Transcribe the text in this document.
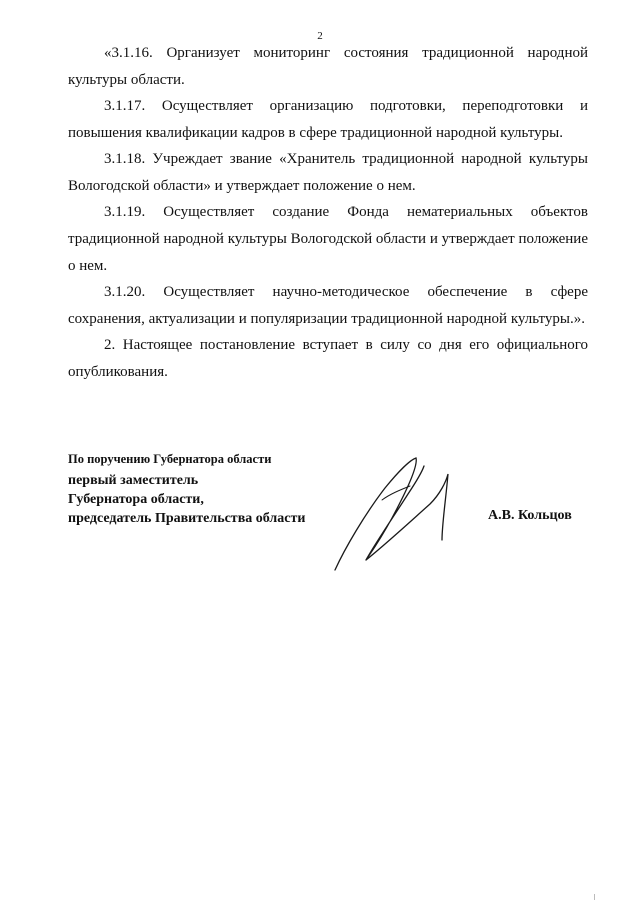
2

«3.1.16. Организует мониторинг состояния традиционной народной культуры области.

3.1.17. Осуществляет организацию подготовки, переподготовки и повышения квалификации кадров в сфере традиционной народной культуры.

3.1.18. Учреждает звание «Хранитель традиционной народной культуры Вологодской области» и утверждает положение о нем.

3.1.19. Осуществляет создание Фонда нематериальных объектов традиционной народной культуры Вологодской области и утверждает положение о нем.

3.1.20. Осуществляет научно-методическое обеспечение в сфере сохранения, актуализации и популяризации традиционной народной культуры.».

2. Настоящее постановление вступает в силу со дня его официального опубликования.

По поручению Губернатора области
первый заместитель
Губернатора области,
председатель Правительства области	А.В. Кольцов
